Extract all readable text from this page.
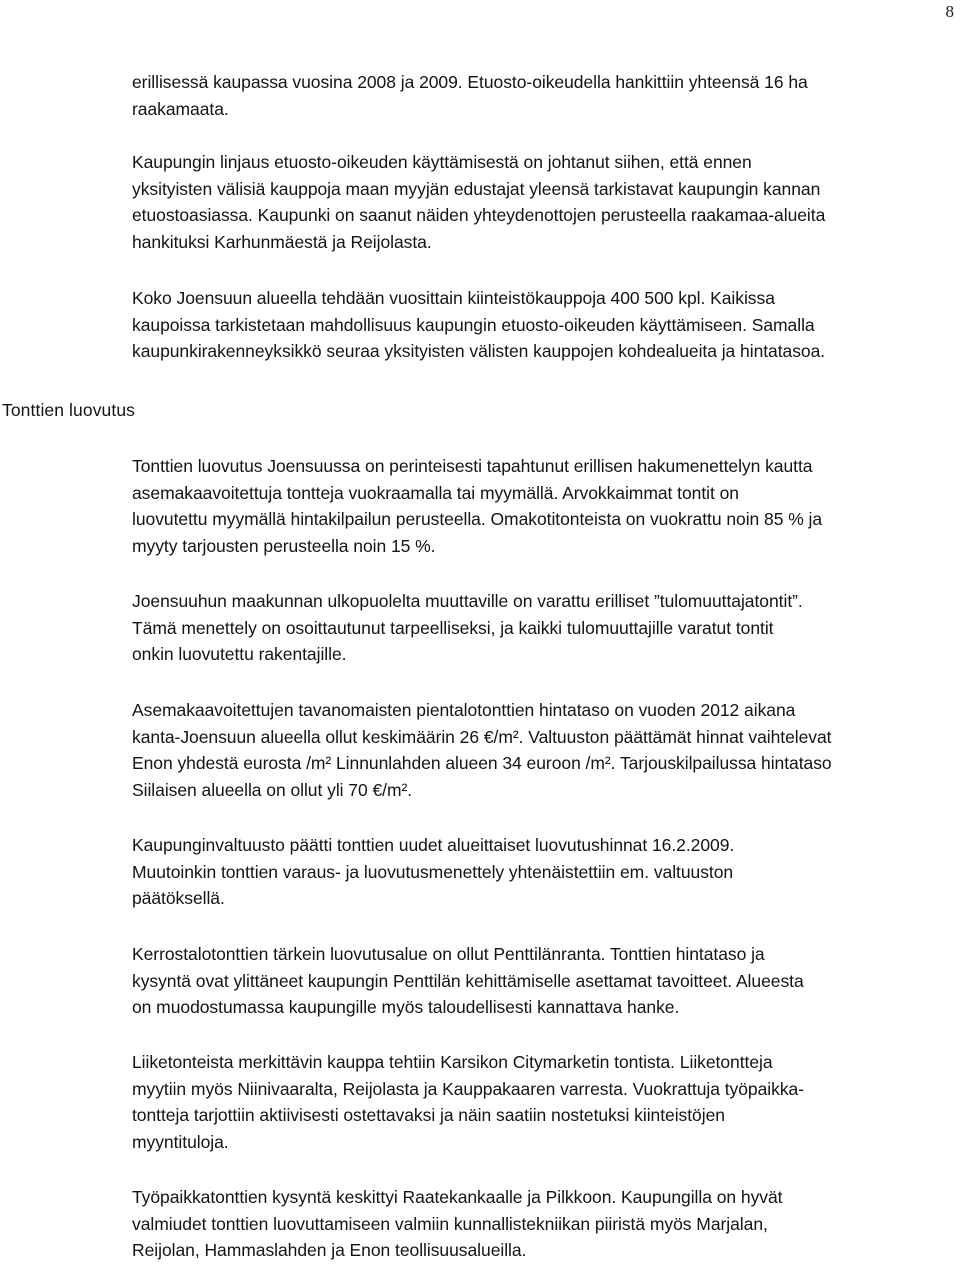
8
Tonttien luovutus
erillisessä kaupassa vuosina 2008 ja 2009. Etuosto-oikeudella hankittiin yhteensä 16 ha
raakamaata.
Kaupungin linjaus etuosto-oikeuden käyttämisestä on johtanut siihen, että ennen
yksityisten välisiä kauppoja maan myyjän edustajat yleensä tarkistavat kaupungin kannan
etuostoasiassa. Kaupunki on saanut näiden yhteydenottojen perusteella raakamaa-alueita
hankituksi Karhunmäestä ja Reijolasta.
Koko Joensuun alueella tehdään vuosittain kiinteistökauppoja 400 500 kpl. Kaikissa
kaupoissa tarkistetaan mahdollisuus kaupungin etuosto-oikeuden käyttämiseen. Samalla
kaupunkirakenneyksikkö seuraa yksityisten välisten kauppojen kohdealueita ja hintatasoa.
Tonttien luovutus Joensuussa on perinteisesti tapahtunut erillisen hakumenettelyn kautta
asemakaavoitettuja tontteja vuokraamalla tai myymällä. Arvokkaimmat tontit on
luovutettu myymällä hintakilpailun perusteella. Omakotitonteista on vuokrattu noin 85 % ja
myyty tarjousten perusteella noin 15 %.
Joensuuhun maakunnan ulkopuolelta muuttaville on varattu erilliset ”tulomuuttajatontit”.
Tämä menettely on osoittautunut tarpeelliseksi, ja kaikki tulomuuttajille varatut tontit
onkin luovutettu rakentajille.
Asemakaavoitettujen tavanomaisten pientalotonttien hintataso on vuoden 2012 aikana
kanta-Joensuun alueella ollut keskimäärin 26 €/m². Valtuuston päättämät hinnat vaihtelevat
Enon yhdestä eurosta /m² Linnunlahden alueen 34 euroon /m². Tarjouskilpailussa hintataso
Siilaisen alueella on ollut yli 70 €/m².
Kaupunginvaltuusto päätti tonttien uudet alueittaiset luovutushinnat 16.2.2009.
Muutoinkin tonttien varaus- ja luovutusmenettely yhtenäistettiin em. valtuuston
päätöksellä.
Kerrostalotonttien tärkein luovutusalue on ollut Penttilänranta. Tonttien hintataso ja
kysyntä ovat ylittäneet kaupungin Penttilän kehittämiselle asettamat tavoitteet. Alueesta
on muodostumassa kaupungille myös taloudellisesti kannattava hanke.
Liiketonteista merkittävin kauppa tehtiin Karsikon Citymarketin tontista. Liiketontteja
myytiin myös Niinivaaralta, Reijolasta ja Kauppakaaren varresta. Vuokrattuja työpaikka-
tontteja tarjottiin aktiivisesti ostettavaksi ja näin saatiin nostetuksi kiinteistöjen
myyntituloja.
Työpaikkatonttien kysyntä keskittyi Raatekankaalle ja Pilkkoon. Kaupungilla on hyvät
valmiudet tonttien luovuttamiseen valmiin kunnallistekniikan piiristä myös Marjalan,
Reijolan, Hammaslahden ja Enon teollisuusalueilla.
